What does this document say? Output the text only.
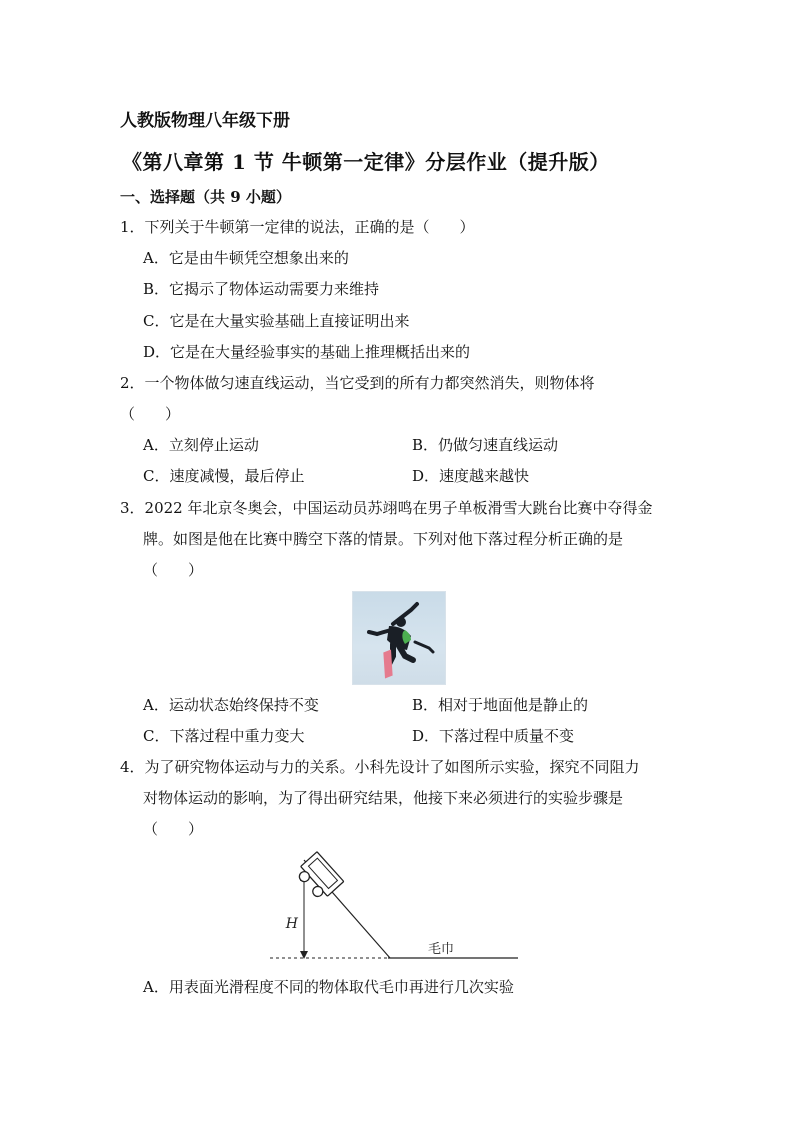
人教版物理八年级下册
《第八章第 1 节 牛顿第一定律》分层作业（提升版）
一、选择题（共 9 小题）
1．下列关于牛顿第一定律的说法，正确的是（　　）
A．它是由牛顿凭空想象出来的
B．它揭示了物体运动需要力来维持
C．它是在大量实验基础上直接证明出来
D．它是在大量经验事实的基础上推理概括出来的
2．一个物体做匀速直线运动，当它受到的所有力都突然消失，则物体将
（　　）
A．立刻停止运动	B．仍做匀速直线运动
C．速度减慢，最后停止	D．速度越来越快
3．2022 年北京冬奥会，中国运动员苏翊鸣在男子单板滑雪大跳台比赛中夺得金
牌。如图是他在比赛中腾空下落的情景。下列对他下落过程分析正确的是
（　　）
A．运动状态始终保持不变	B．相对于地面他是静止的
C．下落过程中重力变大	D．下落过程中质量不变
4．为了研究物体运动与力的关系。小科先设计了如图所示实验，探究不同阻力
对物体运动的影响，为了得出研究结果，他接下来必须进行的实验步骤是
（　　）
H
毛巾
A．用表面光滑程度不同的物体取代毛巾再进行几次实验
